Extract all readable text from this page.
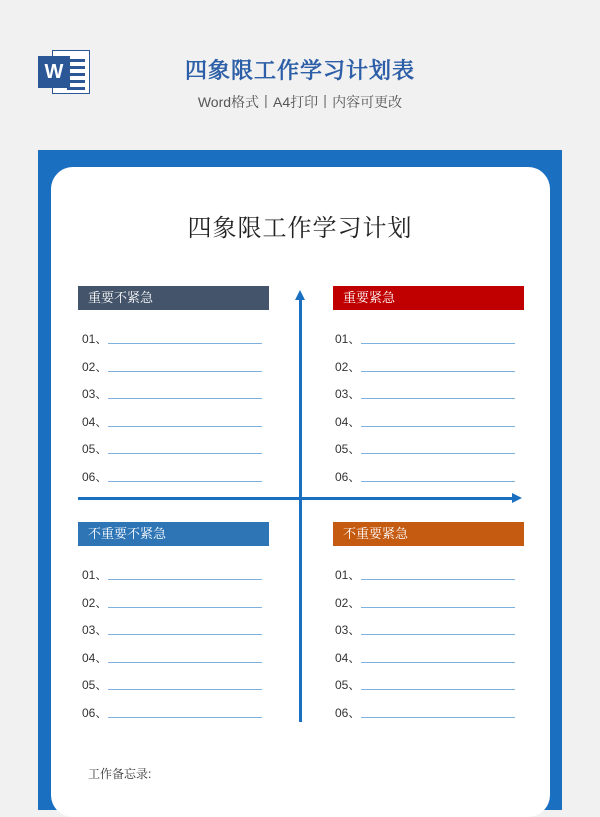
W	四象限工作学习计划表
Word格式丨A4打印丨内容可更改
四象限工作学习计划
重要不紧急	重要紧急
不重要不紧急	不重要紧急
01、
02、
03、
04、
05、
06、
01、
02、
03、
04、
05、
06、
01、
02、
03、
04、
05、
06、
01、
02、
03、
04、
05、
06、
工作备忘录:
